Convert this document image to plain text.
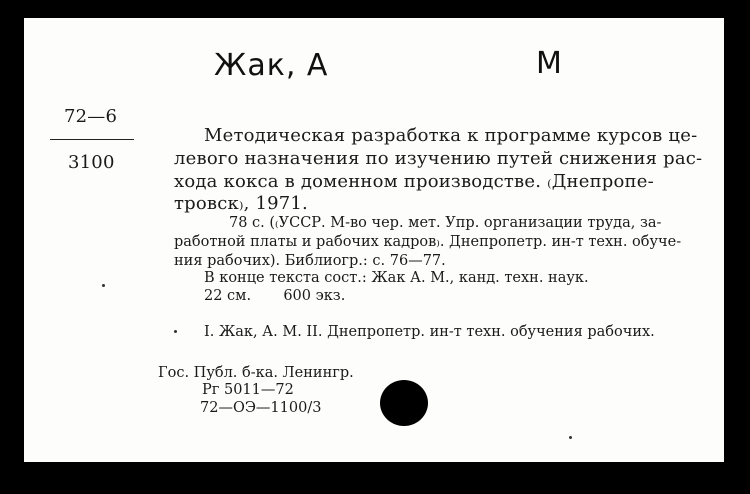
Жак, А	М
72—6
3100
Методическая разработка к программе курсов це-
левого назначения по изучению путей снижения рас-
хода кокса в доменном производстве. ₍Днепропе-
тровск₎, 1971.
78 с. (₍УССР. М-во чер. мет. Упр. организации труда, за-
работной платы и рабочих кадров₎. Днепропетр. ин-т техн. обуче-
ния рабочих). Библиогр.: с. 76—77.
В конце текста сост.: Жак А. М., канд. техн. наук.
22 см.       600 экз.
I. Жак, А. М. II. Днепропетр. ин-т техн. обучения рабочих.
Гос. Публ. б-ка. Ленингр.
Рг 5011—72
72—ОЭ—1100/3
